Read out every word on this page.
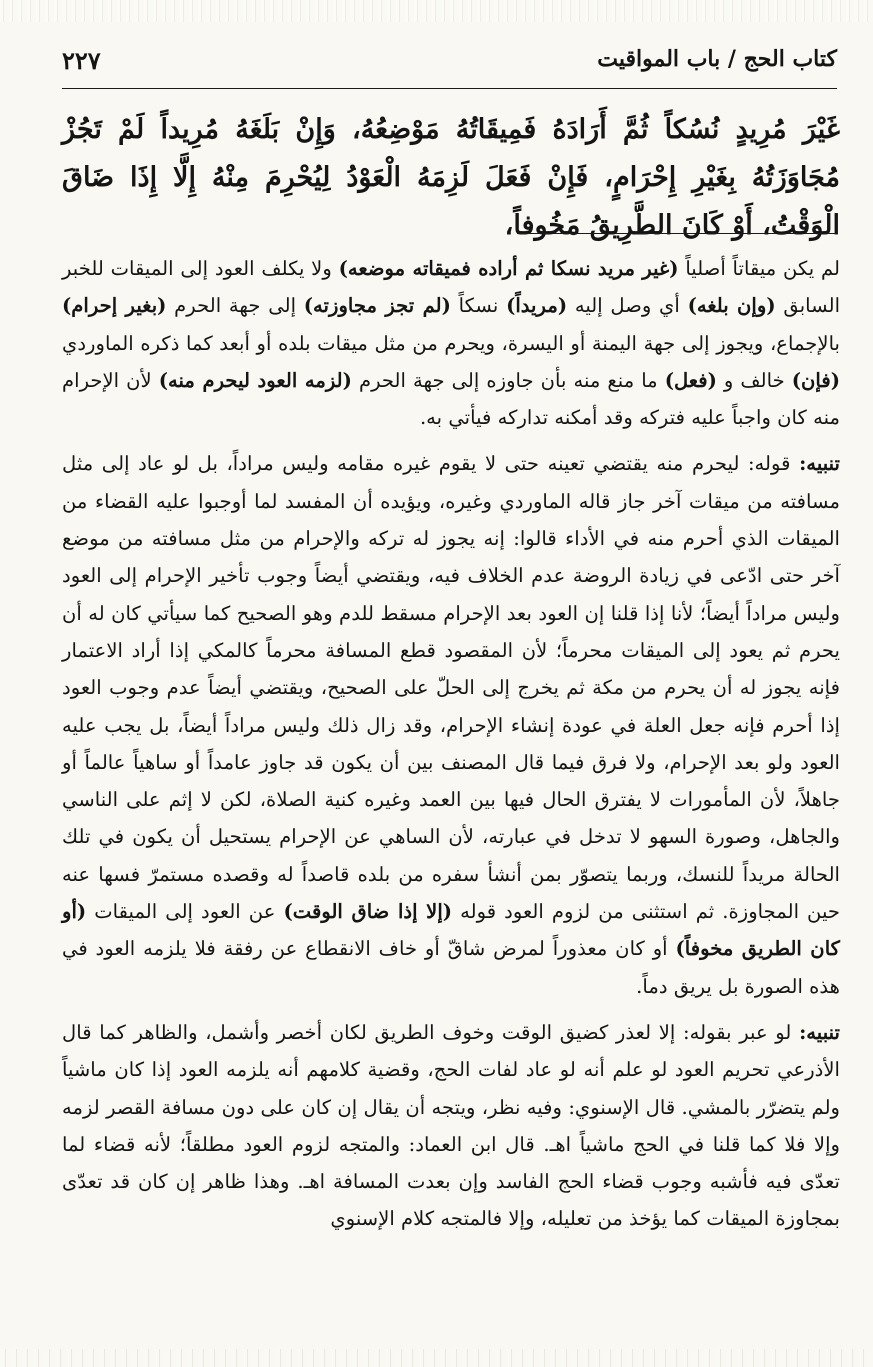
٢٢٧	كتاب الحج / باب المواقيت
غَيْرَ مُرِيدٍ نُسُكاً ثُمَّ أَرَادَهُ فَمِيقَاتُهُ مَوْضِعُهُ، وَإِنْ بَلَغَهُ مُرِيداً لَمْ تَجُزْ مُجَاوَزَتُهُ بِغَيْرِ إِحْرَامٍ، فَإِنْ فَعَلَ لَزِمَهُ الْعَوْدُ لِيُحْرِمَ مِنْهُ إِلَّا إِذَا ضَاقَ الْوَقْتُ، أَوْ كَانَ الطَّرِيقُ مَخُوفاً،

لم يكن ميقاتاً أصلياً (غير مريد نسكا ثم أراده فميقاته موضعه) ولا يكلف العود إلى الميقات للخبر السابق (وإن بلغه) أي وصل إليه (مريداً) نسكاً (لم تجز مجاوزته) إلى جهة الحرم (بغير إحرام) بالإجماع، ويجوز إلى جهة اليمنة أو اليسرة، ويحرم من مثل ميقات بلده أو أبعد كما ذكره الماوردي (فإن) خالف و (فعل) ما منع منه بأن جاوزه إلى جهة الحرم (لزمه العود ليحرم منه) لأن الإحرام منه كان واجباً عليه فتركه وقد أمكنه تداركه فيأتي به.

تنبيه: قوله: ليحرم منه يقتضي تعينه حتى لا يقوم غيره مقامه وليس مراداً، بل لو عاد إلى مثل مسافته من ميقات آخر جاز قاله الماوردي وغيره، ويؤيده أن المفسد لما أوجبوا عليه القضاء من الميقات الذي أحرم منه في الأداء قالوا: إنه يجوز له تركه والإحرام من مثل مسافته من موضع آخر حتى ادّعى في زيادة الروضة عدم الخلاف فيه، ويقتضي أيضاً وجوب تأخير الإحرام إلى العود وليس مراداً أيضاً؛ لأنا إذا قلنا إن العود بعد الإحرام مسقط للدم وهو الصحيح كما سيأتي كان له أن يحرم ثم يعود إلى الميقات محرماً؛ لأن المقصود قطع المسافة محرماً كالمكي إذا أراد الاعتمار فإنه يجوز له أن يحرم من مكة ثم يخرج إلى الحلّ على الصحيح، ويقتضي أيضاً عدم وجوب العود إذا أحرم فإنه جعل العلة في عودة إنشاء الإحرام، وقد زال ذلك وليس مراداً أيضاً، بل يجب عليه العود ولو بعد الإحرام، ولا فرق فيما قال المصنف بين أن يكون قد جاوز عامداً أو ساهياً عالماً أو جاهلاً، لأن المأمورات لا يفترق الحال فيها بين العمد وغيره كنية الصلاة، لكن لا إثم على الناسي والجاهل، وصورة السهو لا تدخل في عبارته، لأن الساهي عن الإحرام يستحيل أن يكون في تلك الحالة مريداً للنسك، وربما يتصوّر بمن أنشأ سفره من بلده قاصداً له وقصده مستمرّ فسها عنه حين المجاوزة. ثم استثنى من لزوم العود قوله (إلا إذا ضاق الوقت) عن العود إلى الميقات (أو كان الطريق مخوفاً) أو كان معذوراً لمرض شاقّ أو خاف الانقطاع عن رفقة فلا يلزمه العود في هذه الصورة بل يريق دماً.

تنبيه: لو عبر بقوله: إلا لعذر كضيق الوقت وخوف الطريق لكان أخصر وأشمل، والظاهر كما قال الأذرعي تحريم العود لو علم أنه لو عاد لفات الحج، وقضية كلامهم أنه يلزمه العود إذا كان ماشياً ولم يتضرّر بالمشي. قال الإسنوي: وفيه نظر، ويتجه أن يقال إن كان على دون مسافة القصر لزمه وإلا فلا كما قلنا في الحج ماشياً اهـ. قال ابن العماد: والمتجه لزوم العود مطلقاً؛ لأنه قضاء لما تعدّى فيه فأشبه وجوب قضاء الحج الفاسد وإن بعدت المسافة اهـ. وهذا ظاهر إن كان قد تعدّى بمجاوزة الميقات كما يؤخذ من تعليله، وإلا فالمتجه كلام الإسنوي
